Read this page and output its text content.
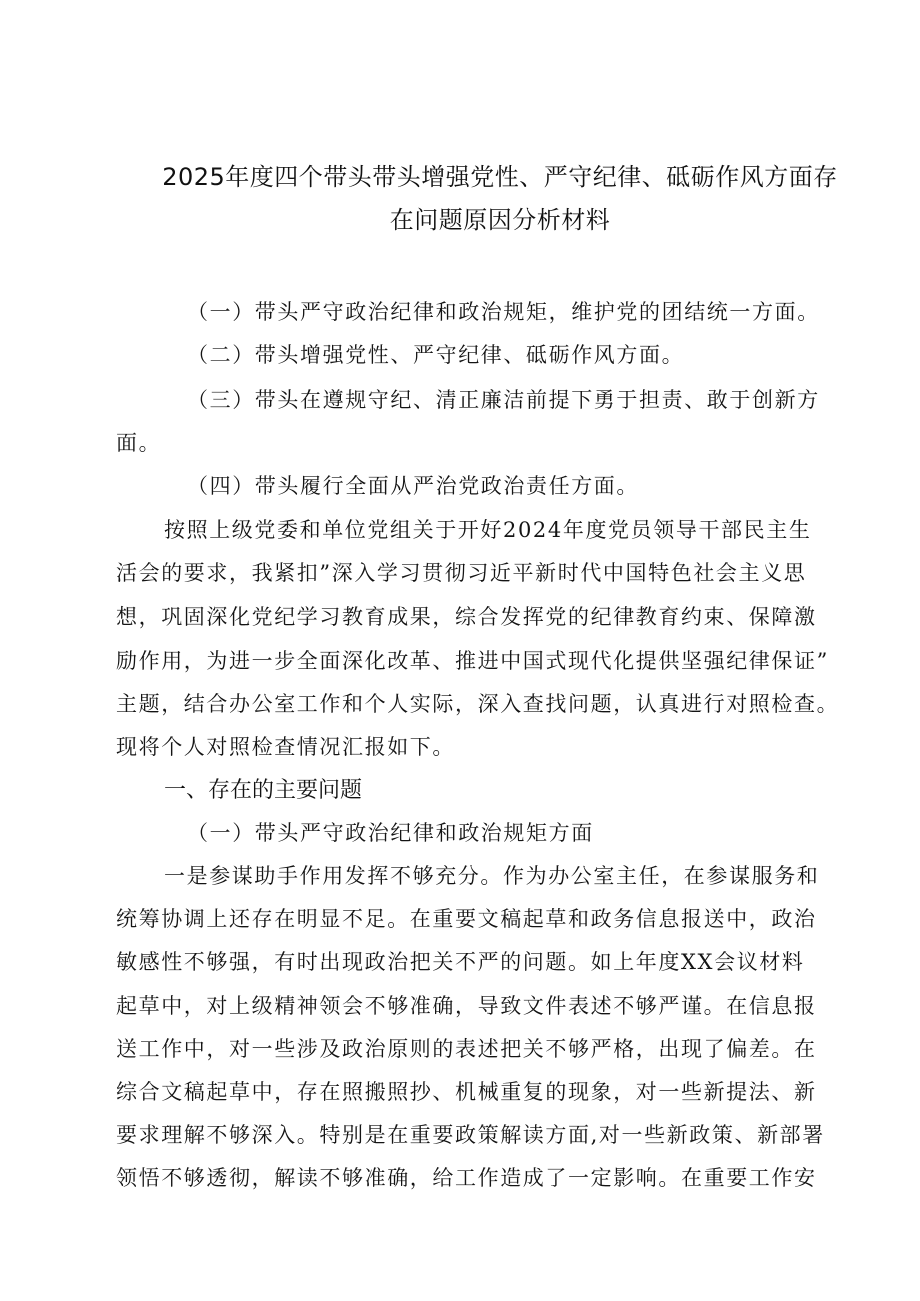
2025年度四个带头带头增强党性、严守纪律、砥砺作风方面存
在问题原因分析材料
（一）带头严守政治纪律和政治规矩，维护党的团结统一方面。
（二）带头增强党性、严守纪律、砥砺作风方面。
（三）带头在遵规守纪、清正廉洁前提下勇于担责、敢于创新方
面。
（四）带头履行全面从严治党政治责任方面。
按照上级党委和单位党组关于开好2024年度党员领导干部民主生
活会的要求，我紧扣”深入学习贯彻习近平新时代中国特色社会主义思
想，巩固深化党纪学习教育成果，综合发挥党的纪律教育约束、保障激
励作用，为进一步全面深化改革、推进中国式现代化提供坚强纪律保证”
主题，结合办公室工作和个人实际，深入查找问题，认真进行对照检查。
现将个人对照检查情况汇报如下。
一、存在的主要问题
（一）带头严守政治纪律和政治规矩方面
一是参谋助手作用发挥不够充分。作为办公室主任，在参谋服务和
统筹协调上还存在明显不足。在重要文稿起草和政务信息报送中，政治
敏感性不够强，有时出现政治把关不严的问题。如上年度XX会议材料
起草中，对上级精神领会不够准确，导致文件表述不够严谨。在信息报
送工作中，对一些涉及政治原则的表述把关不够严格，出现了偏差。在
综合文稿起草中，存在照搬照抄、机械重复的现象，对一些新提法、新
要求理解不够深入。特别是在重要政策解读方面,对一些新政策、新部署
领悟不够透彻，解读不够准确，给工作造成了一定影响。在重要工作安
